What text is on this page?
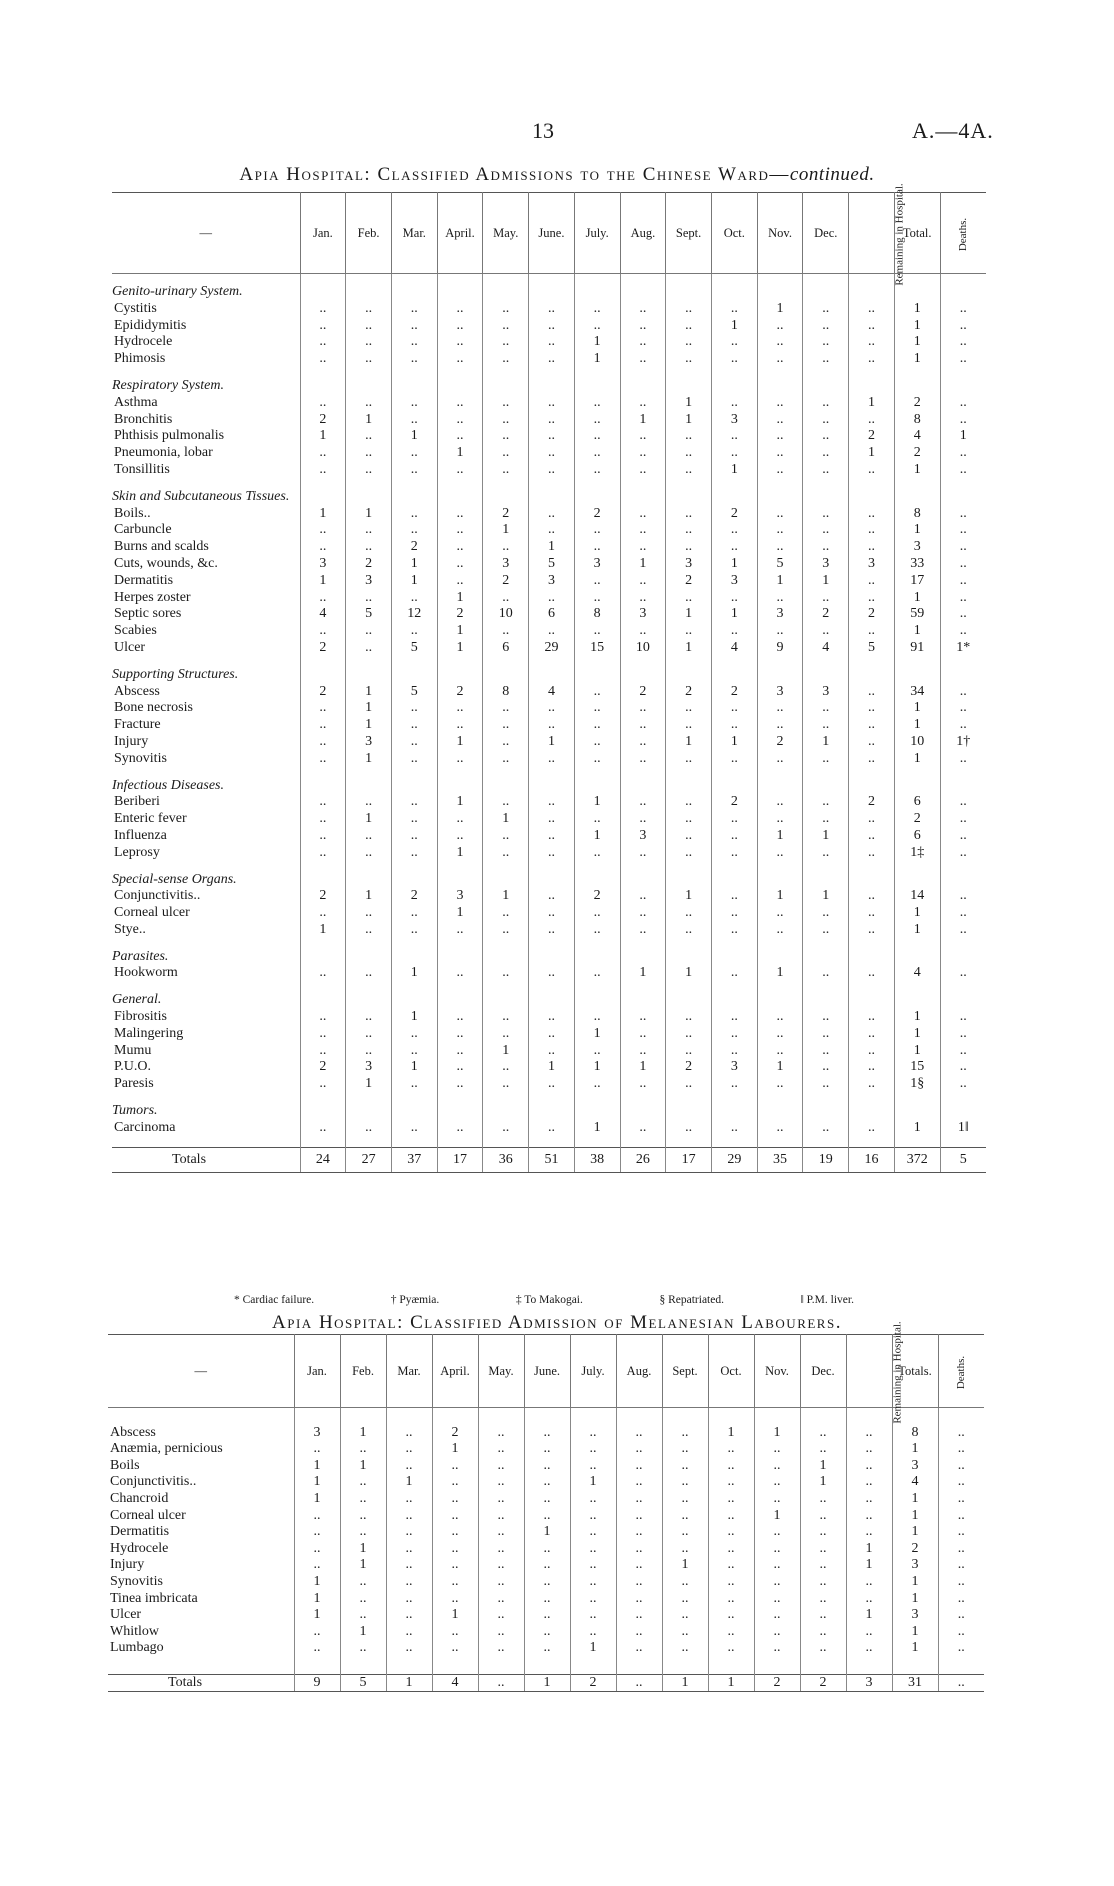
13	A.—4A.
Apia Hospital: Classified Admissions to the Chinese Ward—continued.
—	Jan.	Feb.	Mar.	April.	May.	June.	July.	Aug.	Sept.	Oct.	Nov.	Dec.	Remaining in Hospital.	Total.	Deaths.

Genito-urinary System.															
Cystitis	..	..	..	..	..	..	..	..	..	..	1	..	..	1	..
Epididymitis	..	..	..	..	..	..	..	..	..	1	..	..	..	1	..
Hydrocele	..	..	..	..	..	..	1	..	..	..	..	..	..	1	..
Phimosis	..	..	..	..	..	..	1	..	..	..	..	..	..	1	..

Respiratory System.															
Asthma	..	..	..	..	..	..	..	..	1	..	..	..	1	2	..
Bronchitis	2	1	..	..	..	..	..	1	1	3	..	..	..	8	..
Phthisis pulmonalis	1	..	1	..	..	..	..	..	..	..	..	..	2	4	1
Pneumonia, lobar	..	..	..	1	..	..	..	..	..	..	..	..	1	2	..
Tonsillitis	..	..	..	..	..	..	..	..	..	1	..	..	..	1	..

Skin and Subcutaneous Tissues.															
Boils..	1	1	..	..	2	..	2	..	..	2	..	..	..	8	..
Carbuncle	..	..	..	..	1	..	..	..	..	..	..	..	..	1	..
Burns and scalds	..	..	2	..	..	1	..	..	..	..	..	..	..	3	..
Cuts, wounds, &c.	3	2	1	..	3	5	3	1	3	1	5	3	3	33	..
Dermatitis	1	3	1	..	2	3	..	..	2	3	1	1	..	17	..
Herpes zoster	..	..	..	1	..	..	..	..	..	..	..	..	..	1	..
Septic sores	4	5	12	2	10	6	8	3	1	1	3	2	2	59	..
Scabies	..	..	..	1	..	..	..	..	..	..	..	..	..	1	..
Ulcer	2	..	5	1	6	29	15	10	1	4	9	4	5	91	1*

Supporting Structures.															
Abscess	2	1	5	2	8	4	..	2	2	2	3	3	..	34	..
Bone necrosis	..	1	..	..	..	..	..	..	..	..	..	..	..	1	..
Fracture	..	1	..	..	..	..	..	..	..	..	..	..	..	1	..
Injury	..	3	..	1	..	1	..	..	1	1	2	1	..	10	1†
Synovitis	..	1	..	..	..	..	..	..	..	..	..	..	..	1	..

Infectious Diseases.															
Beriberi	..	..	..	1	..	..	1	..	..	2	..	..	2	6	..
Enteric fever	..	1	..	..	1	..	..	..	..	..	..	..	..	2	..
Influenza	..	..	..	..	..	..	1	3	..	..	1	1	..	6	..
Leprosy	..	..	..	1	..	..	..	..	..	..	..	..	..	1‡	..

Special-sense Organs.															
Conjunctivitis..	2	1	2	3	1	..	2	..	1	..	1	1	..	14	..
Corneal ulcer	..	..	..	1	..	..	..	..	..	..	..	..	..	1	..
Stye..	1	..	..	..	..	..	..	..	..	..	..	..	..	1	..

Parasites.															
Hookworm	..	..	1	..	..	..	..	1	1	..	1	..	..	4	..

General.															
Fibrositis	..	..	1	..	..	..	..	..	..	..	..	..	..	1	..
Malingering	..	..	..	..	..	..	1	..	..	..	..	..	..	1	..
Mumu	..	..	..	..	1	..	..	..	..	..	..	..	..	1	..
P.U.O.	2	3	1	..	..	1	1	1	2	3	1	..	..	15	..
Paresis	..	1	..	..	..	..	..	..	..	..	..	..	..	1§	..

Tumors.															
Carcinoma	..	..	..	..	..	..	1	..	..	..	..	..	..	1	1‖

Totals	24	27	37	17	36	51	38	26	17	29	35	19	16	372	5
* Cardiac failure.	† Pyæmia.	‡ To Makogai.	§ Repatriated.	‖ P.M. liver.
Apia Hospital: Classified Admission of Melanesian Labourers.
—	Jan.	Feb.	Mar.	April.	May.	June.	July.	Aug.	Sept.	Oct.	Nov.	Dec.	Remaining in Hospital.	Totals.	Deaths.

Abscess	3	1	..	2	..	..	..	..	..	1	1	..	..	8	..
Anæmia, pernicious	..	..	..	1	..	..	..	..	..	..	..	..	..	1	..
Boils	1	1	..	..	..	..	..	..	..	..	..	1	..	3	..
Conjunctivitis..	1	..	1	..	..	..	1	..	..	..	..	1	..	4	..
Chancroid	1	..	..	..	..	..	..	..	..	..	..	..	..	1	..
Corneal ulcer	..	..	..	..	..	..	..	..	..	..	1	..	..	1	..
Dermatitis	..	..	..	..	..	1	..	..	..	..	..	..	..	1	..
Hydrocele	..	1	..	..	..	..	..	..	..	..	..	..	1	2	..
Injury	..	1	..	..	..	..	..	..	1	..	..	..	1	3	..
Synovitis	1	..	..	..	..	..	..	..	..	..	..	..	..	1	..
Tinea imbricata	1	..	..	..	..	..	..	..	..	..	..	..	..	1	..
Ulcer	1	..	..	1	..	..	..	..	..	..	..	..	1	3	..
Whitlow	..	1	..	..	..	..	..	..	..	..	..	..	..	1	..
Lumbago	..	..	..	..	..	..	1	..	..	..	..	..	..	1	..

Totals	9	5	1	4	..	1	2	..	1	1	2	2	3	31	..
